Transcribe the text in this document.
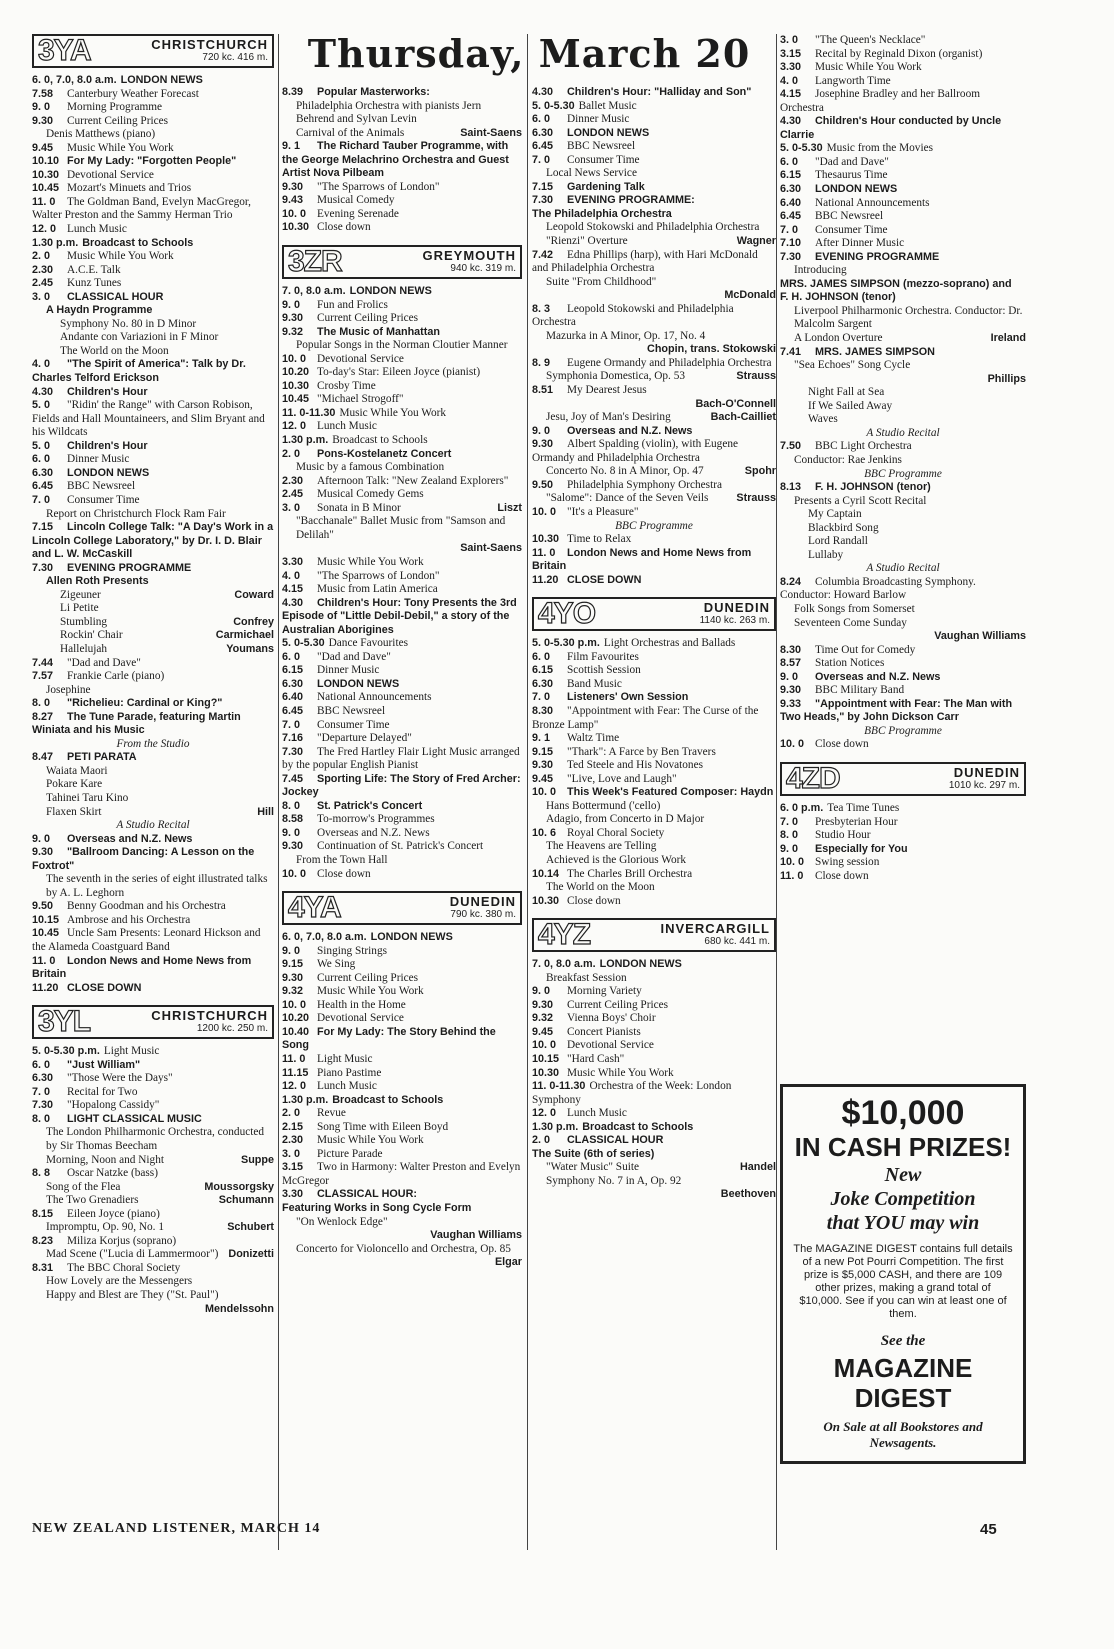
Thursday, March 20
3YA	CHRISTCHURCH
720 kc. 416 m.
6. 0, 7.0, 8.0 a.m. LONDON NEWS
7.58 Canterbury Weather Forecast
9. 0 Morning Programme
9.30 Current Ceiling Prices
Denis Matthews (piano)
9.45 Music While You Work
10.10 For My Lady: "Forgotten People"
10.30 Devotional Service
10.45 Mozart's Minuets and Trios
11. 0 The Goldman Band, Evelyn MacGregor, Walter Preston and the Sammy Herman Trio
12. 0 Lunch Music
1.30 p.m. Broadcast to Schools
2. 0 Music While You Work
2.30 A.C.E. Talk
2.45 Kunz Tunes
3. 0 CLASSICAL HOUR
A Haydn Programme
Symphony No. 80 in D Minor
Andante con Variazioni in F Minor
The World on the Moon
4. 0 "The Spirit of America": Talk by Dr. Charles Telford Erickson
4.30 Children's Hour
5. 0 "Ridin' the Range" with Carson Robison, Fields and Hall Mountaineers, and Slim Bryant and his Wildcats
5. 0 Children's Hour
6. 0 Dinner Music
6.30 LONDON NEWS
6.45 BBC Newsreel
7. 0 Consumer Time
Report on Christchurch Flock Ram Fair
7.15 Lincoln College Talk: "A Day's Work in a Lincoln College Laboratory," by Dr. I. D. Blair and L. W. McCaskill
7.30 EVENING PROGRAMME
Allen Roth Presents
Zigeuner	Coward
Li Petite
Stumbling	Confrey
Rockin' Chair	Carmichael
Hallelujah	Youmans
7.44 "Dad and Dave"
7.57 Frankie Carle (piano)
Josephine
8. 0 "Richelieu: Cardinal or King?"
8.27 The Tune Parade, featuring Martin Winiata and his Music
From the Studio
8.47 PETI PARATA
Waiata Maori
Pokare Kare
Tahinei Taru Kino
Flaxen Skirt	Hill
A Studio Recital
9. 0 Overseas and N.Z. News
9.30 "Ballroom Dancing: A Lesson on the Foxtrot"
The seventh in the series of eight illustrated talks by A. L. Leghorn
9.50 Benny Goodman and his Orchestra
10.15 Ambrose and his Orchestra
10.45 Uncle Sam Presents: Leonard Hickson and the Alameda Coastguard Band
11. 0 London News and Home News from Britain
11.20 CLOSE DOWN
3YL	CHRISTCHURCH
1200 kc. 250 m.
5. 0-5.30 p.m. Light Music
6. 0 "Just William"
6.30 "Those Were the Days"
7. 0 Recital for Two
7.30 "Hopalong Cassidy"
8. 0 LIGHT CLASSICAL MUSIC
The London Philharmonic Orchestra, conducted by Sir Thomas Beecham
Morning, Noon and Night	Suppe
8. 8 Oscar Natzke (bass)
Song of the Flea	Moussorgsky
The Two Grenadiers	Schumann
8.15 Eileen Joyce (piano)
Impromptu, Op. 90, No. 1	Schubert
8.23 Miliza Korjus (soprano)
Mad Scene ("Lucia di Lammermoor") Donizetti
8.31 The BBC Choral Society
How Lovely are the Messengers
Happy and Blest are They ("St. Paul")
Mendelssohn
8.39 Popular Masterworks:
Philadelphia Orchestra with pianists Jern Behrend and Sylvan Levin
Carnival of the Animals	Saint-Saens
9. 1 The Richard Tauber Programme, with the George Melachrino Orchestra and Guest Artist Nova Pilbeam
9.30 "The Sparrows of London"
9.43 Musical Comedy
10. 0 Evening Serenade
10.30 Close down
3ZR	GREYMOUTH
940 kc. 319 m.
7. 0, 8.0 a.m. LONDON NEWS
9. 0 Fun and Frolics
9.30 Current Ceiling Prices
9.32 The Music of Manhattan
Popular Songs in the Norman Cloutier Manner
10. 0 Devotional Service
10.20 To-day's Star: Eileen Joyce (pianist)
10.30 Crosby Time
10.45 "Michael Strogoff"
11. 0-11.30 Music While You Work
12. 0 Lunch Music
1.30 p.m. Broadcast to Schools
2. 0 Pons-Kostelanetz Concert
Music by a famous Combination
2.30 Afternoon Talk: "New Zealand Explorers"
2.45 Musical Comedy Gems
3. 0 Sonata in B Minor	Liszt
"Bacchanale" Ballet Music from "Samson and Delilah"
Saint-Saens
3.30 Music While You Work
4. 0 "The Sparrows of London"
4.15 Music from Latin America
4.30 Children's Hour: Tony Presents the 3rd Episode of "Little Debil-Debil," a story of the Australian Aborigines
5. 0-5.30 Dance Favourites
6. 0 "Dad and Dave"
6.15 Dinner Music
6.30 LONDON NEWS
6.40 National Announcements
6.45 BBC Newsreel
7. 0 Consumer Time
7.16 "Departure Delayed"
7.30 The Fred Hartley Flair Light Music arranged by the popular English Pianist
7.45 Sporting Life: The Story of Fred Archer: Jockey
8. 0 St. Patrick's Concert
8.58 To-morrow's Programmes
9. 0 Overseas and N.Z. News
9.30 Continuation of St. Patrick's Concert
From the Town Hall
10. 0 Close down
4YA	DUNEDIN
790 kc. 380 m.
6. 0, 7.0, 8.0 a.m. LONDON NEWS
9. 0 Singing Strings
9.15 We Sing
9.30 Current Ceiling Prices
9.32 Music While You Work
10. 0 Health in the Home
10.20 Devotional Service
10.40 For My Lady: The Story Behind the Song
11. 0 Light Music
11.15 Piano Pastime
12. 0 Lunch Music
1.30 p.m. Broadcast to Schools
2. 0 Revue
2.15 Song Time with Eileen Boyd
2.30 Music While You Work
3. 0 Picture Parade
3.15 Two in Harmony: Walter Preston and Evelyn McGregor
3.30 CLASSICAL HOUR:
Featuring Works in Song Cycle Form
"On Wenlock Edge"
Vaughan Williams
Concerto for Violoncello and Orchestra, Op. 85
Elgar
4.30 Children's Hour: "Halliday and Son"
5. 0-5.30 Ballet Music
6. 0 Dinner Music
6.30 LONDON NEWS
6.45 BBC Newsreel
7. 0 Consumer Time
Local News Service
7.15 Gardening Talk
7.30 EVENING PROGRAMME:
The Philadelphia Orchestra
Leopold Stokowski and Philadelphia Orchestra
"Rienzi" Overture	Wagner
7.42 Edna Phillips (harp), with Hari McDonald and Philadelphia Orchestra
Suite "From Childhood"
McDonald
8. 3 Leopold Stokowski and Philadelphia Orchestra
Mazurka in A Minor, Op. 17, No. 4
Chopin, trans. Stokowski
8. 9 Eugene Ormandy and Philadelphia Orchestra
Symphonia Domestica, Op. 53	Strauss
8.51 My Dearest Jesus
Bach-O'Connell
Jesu, Joy of Man's Desiring	Bach-Cailliet
9. 0 Overseas and N.Z. News
9.30 Albert Spalding (violin), with Eugene Ormandy and Philadelphia Orchestra
Concerto No. 8 in A Minor, Op. 47	Spohr
9.50 Philadelphia Symphony Orchestra
"Salome": Dance of the Seven Veils	Strauss
10. 0 "It's a Pleasure"
BBC Programme
10.30 Time to Relax
11. 0 London News and Home News from Britain
11.20 CLOSE DOWN
4YO	DUNEDIN
1140 kc. 263 m.
5. 0-5.30 p.m. Light Orchestras and Ballads
6. 0 Film Favourites
6.15 Scottish Session
6.30 Band Music
7. 0 Listeners' Own Session
8.30 "Appointment with Fear: The Curse of the Bronze Lamp"
9. 1 Waltz Time
9.15 "Thark": A Farce by Ben Travers
9.30 Ted Steele and His Novatones
9.45 "Live, Love and Laugh"
10. 0 This Week's Featured Composer: Haydn
Hans Bottermund ('cello)
Adagio, from Concerto in D Major
10. 6 Royal Choral Society
The Heavens are Telling
Achieved is the Glorious Work
10.14 The Charles Brill Orchestra
The World on the Moon
10.30 Close down
4YZ	INVERCARGILL
680 kc. 441 m.
7. 0, 8.0 a.m. LONDON NEWS
Breakfast Session
9. 0 Morning Variety
9.30 Current Ceiling Prices
9.32 Vienna Boys' Choir
9.45 Concert Pianists
10. 0 Devotional Service
10.15 "Hard Cash"
10.30 Music While You Work
11. 0-11.30 Orchestra of the Week: London Symphony
12. 0 Lunch Music
1.30 p.m. Broadcast to Schools
2. 0 CLASSICAL HOUR
The Suite (6th of series)
"Water Music" Suite	Handel
Symphony No. 7 in A, Op. 92
Beethoven
3. 0 "The Queen's Necklace"
3.15 Recital by Reginald Dixon (organist)
3.30 Music While You Work
4. 0 Langworth Time
4.15 Josephine Bradley and her Ballroom Orchestra
4.30 Children's Hour conducted by Uncle Clarrie
5. 0-5.30 Music from the Movies
6. 0 "Dad and Dave"
6.15 Thesaurus Time
6.30 LONDON NEWS
6.40 National Announcements
6.45 BBC Newsreel
7. 0 Consumer Time
7.10 After Dinner Music
7.30 EVENING PROGRAMME
Introducing
MRS. JAMES SIMPSON (mezzo-soprano) and
F. H. JOHNSON (tenor)
Liverpool Philharmonic Orchestra. Conductor: Dr. Malcolm Sargent
A London Overture	Ireland
7.41 MRS. JAMES SIMPSON
"Sea Echoes" Song Cycle
Phillips
Night Fall at Sea
If We Sailed Away
Waves
A Studio Recital
7.50 BBC Light Orchestra
Conductor: Rae Jenkins
BBC Programme
8.13 F. H. JOHNSON (tenor)
Presents a Cyril Scott Recital
My Captain
Blackbird Song
Lord Randall
Lullaby
A Studio Recital
8.24 Columbia Broadcasting Symphony. Conductor: Howard Barlow
Folk Songs from Somerset
Seventeen Come Sunday
Vaughan Williams
8.30 Time Out for Comedy
8.57 Station Notices
9. 0 Overseas and N.Z. News
9.30 BBC Military Band
9.33 "Appointment with Fear: The Man with Two Heads," by John Dickson Carr
BBC Programme
10. 0 Close down
4ZD	DUNEDIN
1010 kc. 297 m.
6. 0 p.m. Tea Time Tunes
7. 0 Presbyterian Hour
8. 0 Studio Hour
9. 0 Especially for You
10. 0 Swing session
11. 0 Close down
$10,000
IN CASH PRIZES!
New
Joke Competition
that YOU may win
The MAGAZINE DIGEST contains full details of a new Pot Pourri Competition. The first prize is $5,000 CASH, and there are 109 other prizes, making a grand total of $10,000. See if you can win at least one of them.
See the
MAGAZINE
DIGEST
On Sale at all Bookstores and Newsagents.
NEW ZEALAND LISTENER, MARCH 14	45
